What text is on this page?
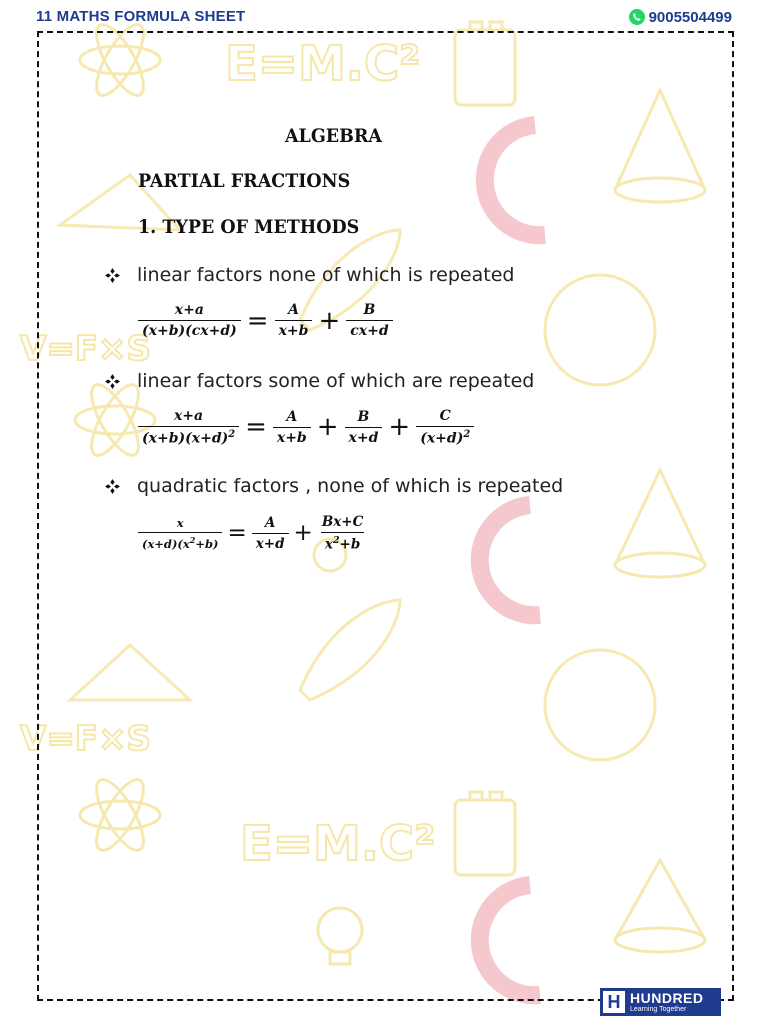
E=M.C²
E=M.C²
V=F×S
V=F×S
11 MATHS FORMULA SHEET	9005504499
ALGEBRA
PARTIAL FRACTIONS
1. TYPE OF METHODS
linear factors none of which is repeated
$\frac{x+a}{(x+b)(cx+d)} = \frac{A}{x+b} + \frac{B}{cx+d}$
linear factors some of which are repeated
$\frac{x+a}{(x+b)(x+d)^2} = \frac{A}{x+b} + \frac{B}{x+d} + \frac{C}{(x+d)^2}$
quadratic factors , none of which is repeated
$\frac{x}{(x+d)(x^2+b)} = \frac{A}{x+d} + \frac{Bx+C}{x^2+b}$
H HUNDRED
Learning Together
